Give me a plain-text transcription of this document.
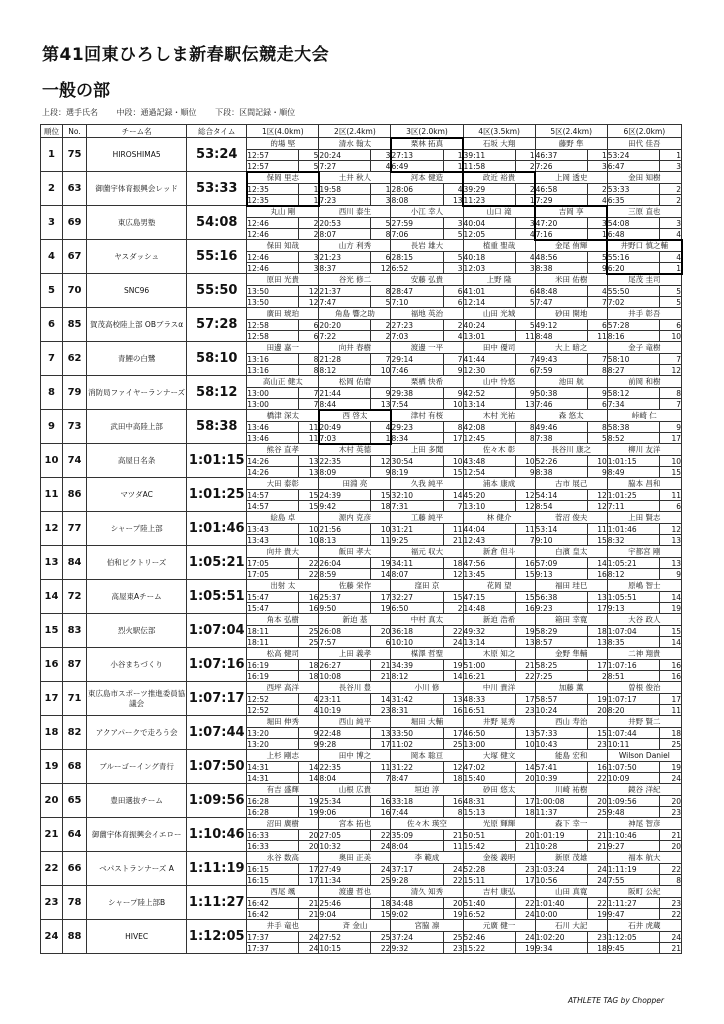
第41回東ひろしま新春駅伝競走大会
一般の部
上段：選手氏名 中段：通過記録・順位 下段：区間記録・順位
順位	No.	チーム名	総合タイム	1区(4.0km)		2区(2.4km)		3区(2.0km)		4区(3.5km)		5区(2.4km)		6区(2.0km)	
1	75	HIROSHIMA5	53:24	的場 堅		清水 翰太		栗林 拓真		石坂 大翔		藤野 隼		田代 佳吾	
				12:57	5	20:24	3	27:13	1	39:11	1	46:37	1	53:24	1
				12:57	5	7:27	4	6:49	1	11:58	2	7:26	3	6:47	3
2	63	御薗宇体育振興会レッド	53:33	保岡 里志		土井 秋人		河本 健造		政近 裕貴		上岡 透史		金田 知樹	
				12:35	1	19:58	1	28:06	4	39:29	2	46:58	2	53:33	2
				12:35	1	7:23	3	8:08	13	11:23	1	7:29	4	6:35	2
3	69	東広島男塾	54:08	丸山 剛		西川 泰生		小江 幸人		山口 滝		吉岡 享		三原 直也	
				12:46	2	20:53	5	27:59	3	40:04	3	47:20	3	54:08	3
				12:46	2	8:07	8	7:06	5	12:05	4	7:16	1	6:48	4
4	67	ヤスダッシュ	55:16	保田 知哉		山方 利秀		長岩 雄大		植重 聖哉		金尾 侑輝		井野口 慎之輔	
				12:46	3	21:23	6	28:15	5	40:18	4	48:56	5	55:16	4
				12:46	3	8:37	12	6:52	3	12:03	3	8:38	9	6:20	1
5	70	SNC96	55:50	原田 光貴		谷光 修二		安藤 弘貴		上野 隆		米田 佑樹		尾茂 圭司	
				13:50	12	21:37	8	28:47	6	41:01	6	48:48	4	55:50	5
				13:50	12	7:47	5	7:10	6	12:14	5	7:47	7	7:02	5
6	85	賀茂高校陸上部 OBブラスα	57:28	廣田 琥珀		角島 響之助		福地 英治		山田 光城		砂田 開地		井手 彰吾	
				12:58	6	20:20	2	27:23	2	40:24	5	49:12	6	57:28	6
				12:58	6	7:22	2	7:03	4	13:01	11	8:48	11	8:16	10
7	62	青鯉の白鷺	58:10	田邊 嘉一		向井 春樹		渡邊 一平		田中 優司		大上 暗之		金子 竜樹	
				13:16	8	21:28	7	29:14	7	41:44	7	49:43	7	58:10	7
				13:16	8	8:12	10	7:46	9	12:30	6	7:59	8	8:27	12
8	79	消防局ファイヤーランナーズ	58:12	高山正 健太		松岡 佑磨		栗栖 快希		山中 怜悠		池田 航		前岡 和樹	
				13:00	7	21:44	9	29:38	9	42:52	9	50:38	9	58:12	8
				13:00	7	8:44	13	7:54	10	13:14	13	7:46	6	7:34	7
9	73	武田中高陸上部	58:38	橋津 深太		西 啓太		津村 有桜		木村 光祐		森 悠太		峠崎 仁	
				13:46	11	20:49	4	29:23	8	42:08	8	49:46	8	58:38	9
				13:46	11	7:03	1	8:34	17	12:45	8	7:38	5	8:52	17
10	74	高屋日名条	1:01:15	熊谷 直孝		木村 英德		上田 多聞		佐々木 彰		長谷川 康之		柳川 友洋	
				14:26	13	22:35	12	30:54	10	43:48	10	52:26	10	1:01:15	10
				14:26	13	8:09	9	8:19	15	12:54	9	8:38	9	8:49	15
11	86	マツダAC	1:01:25	大田 泰彰		田淵 亮		久我 純平		浦本 康成		古市 展己		脇本 昌和	
				14:57	15	24:39	15	32:10	14	45:20	12	54:14	12	1:01:25	11
				14:57	15	9:42	18	7:31	7	13:10	12	8:54	12	7:11	6
12	77	シャープ陸上部	1:01:46	絵島 卓		源内 克彦		工藤 純平		林 健介		菅沼 俊夫		上田 賢志	
				13:43	10	21:56	10	31:21	11	44:04	11	53:14	11	1:01:46	12
				13:43	10	8:13	11	9:25	21	12:43	7	9:10	15	8:32	13
13	84	伯和ビクトリーズ	1:05:21	向井 貴大		飯田 孝大		福元 収大		新倉 但斗		白濱 皇太		宇都宮 剛	
				17:05	22	26:04	19	34:11	18	47:56	16	57:09	14	1:05:21	13
				17:05	22	8:59	14	8:07	12	13:45	15	9:13	16	8:12	9
14	72	高屋東Aチーム	1:05:51	出射 太		佐藤 栄作		窪田 京		花岡 望		福田 珪巳		原嶋 智士	
				15:47	16	25:37	17	32:27	15	47:15	15	56:38	13	1:05:51	14
				15:47	16	9:50	19	6:50	2	14:48	16	9:23	17	9:13	19
15	83	烈火駅伝部	1:07:04	角本 弘樹		新迫 基		中村 真太		新迫 浩希		箱田 幸寛		大谷 政人	
				18:11	25	26:08	20	36:18	22	49:32	19	58:29	18	1:07:04	15
				18:11	25	7:57	6	10:10	24	13:14	13	8:57	13	8:35	14
16	87	小谷まちづくり	1:07:16	松高 健司		上田 義孝		楳澤 哲聖		木原 知之		金野 隼輔		二神 翔貴	
				16:19	18	26:27	21	34:39	19	51:00	21	58:25	17	1:07:16	16
				16:19	18	10:08	21	8:12	14	16:21	22	7:25	2	8:51	16
17	71	東広島市スポーツ推進委員協議会	1:07:17	西坪 高洋		長谷川 豊		小川 修		中川 貴洋		加藤 薫		曽根 俊治	
				12:52	4	23:11	14	31:42	13	48:33	17	58:57	19	1:07:17	17
				12:52	4	10:19	23	8:31	16	16:51	23	10:24	20	8:20	11
18	82	アクアパークで走ろう会	1:07:44	堀田 伸秀		西山 純平		堀田 大輔		井野 晃秀		西山 寿治		井野 賢二	
				13:20	9	22:48	13	33:50	17	46:50	13	57:33	15	1:07:44	18
				13:20	9	9:28	17	11:02	25	13:00	10	10:43	23	10:11	25
19	68	ブルーゴーイング青行	1:07:50	上杉 剛志		田中 博之		岡本 聡亘		大塚 健文		能島 宏和		Wilson Daniel	
				14:31	14	22:35	11	31:22	12	47:02	14	57:41	16	1:07:50	19
				14:31	14	8:04	7	8:47	18	15:40	20	10:39	22	10:09	24
20	65	豊田選抜チーム	1:09:56	有吉 盛輝		山根 広貴		垣迫 淳		砂田 悠太		川崎 祐樹		鏡谷 洋紀	
				16:28	19	25:34	16	33:18	16	48:31	17	1:00:08	20	1:09:56	20
				16:28	19	9:06	16	7:44	8	15:13	18	11:37	25	9:48	23
21	64	御薗宇体育振興会イエロー	1:10:46	沼田 廣樹		宮本 拓也		佐々木 瑛空		光原 輝輝		森下 幸一		神尾 智彦	
				16:33	20	27:05	22	35:09	21	50:51	20	1:01:19	21	1:10:46	21
				16:33	20	10:32	24	8:04	11	15:42	21	10:28	21	9:27	20
22	66	ベパストランナーズ A	1:11:19	永谷 数高		奥田 正美		李 範成		金後 義明		新原 茂雄		福本 航大	
				16:15	17	27:49	24	37:17	24	52:28	23	1:03:24	24	1:11:19	22
				16:15	17	11:34	25	9:28	22	15:11	17	10:56	24	7:55	8
23	78	シャープ陸上部B	1:11:27	西尾 颯		渡邊 哲也		清久 知秀		吉村 康弘		山田 真寛		阪町 公紀	
				16:42	21	25:46	18	34:48	20	51:40	22	1:01:40	22	1:11:27	23
				16:42	21	9:04	15	9:02	19	16:52	24	10:00	19	9:47	22
24	88	HIVEC	1:12:05	井手 竜也		斉 金山		宮脇 凛		元廣 健一		石川 大記		石井 虎蔵	
				17:37	24	27:52	25	37:24	25	52:46	24	1:02:20	23	1:12:05	24
				17:37	24	10:15	22	9:32	23	15:22	19	9:34	18	9:45	21
ATHLETE TAG by Chopper
